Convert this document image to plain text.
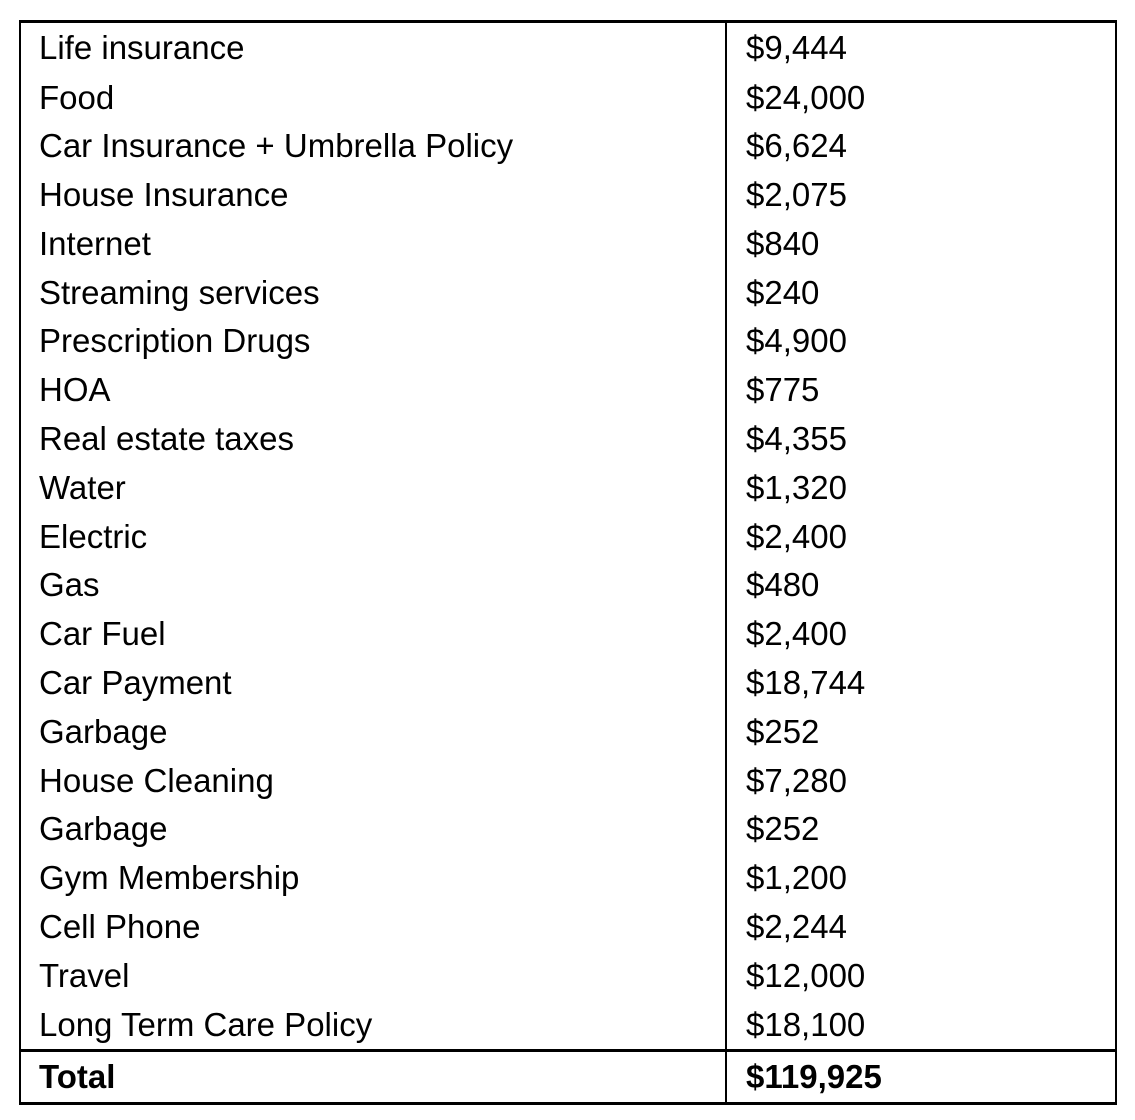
Life insurance	$9,444
Food	$24,000
Car Insurance + Umbrella Policy	$6,624
House Insurance	$2,075
Internet	$840
Streaming services	$240
Prescription Drugs	$4,900
HOA	$775
Real estate taxes	$4,355
Water	$1,320
Electric	$2,400
Gas	$480
Car Fuel	$2,400
Car Payment	$18,744
Garbage	$252
House Cleaning	$7,280
Garbage	$252
Gym Membership	$1,200
Cell Phone	$2,244
Travel	$12,000
Long Term Care Policy	$18,100
Total	$119,925
